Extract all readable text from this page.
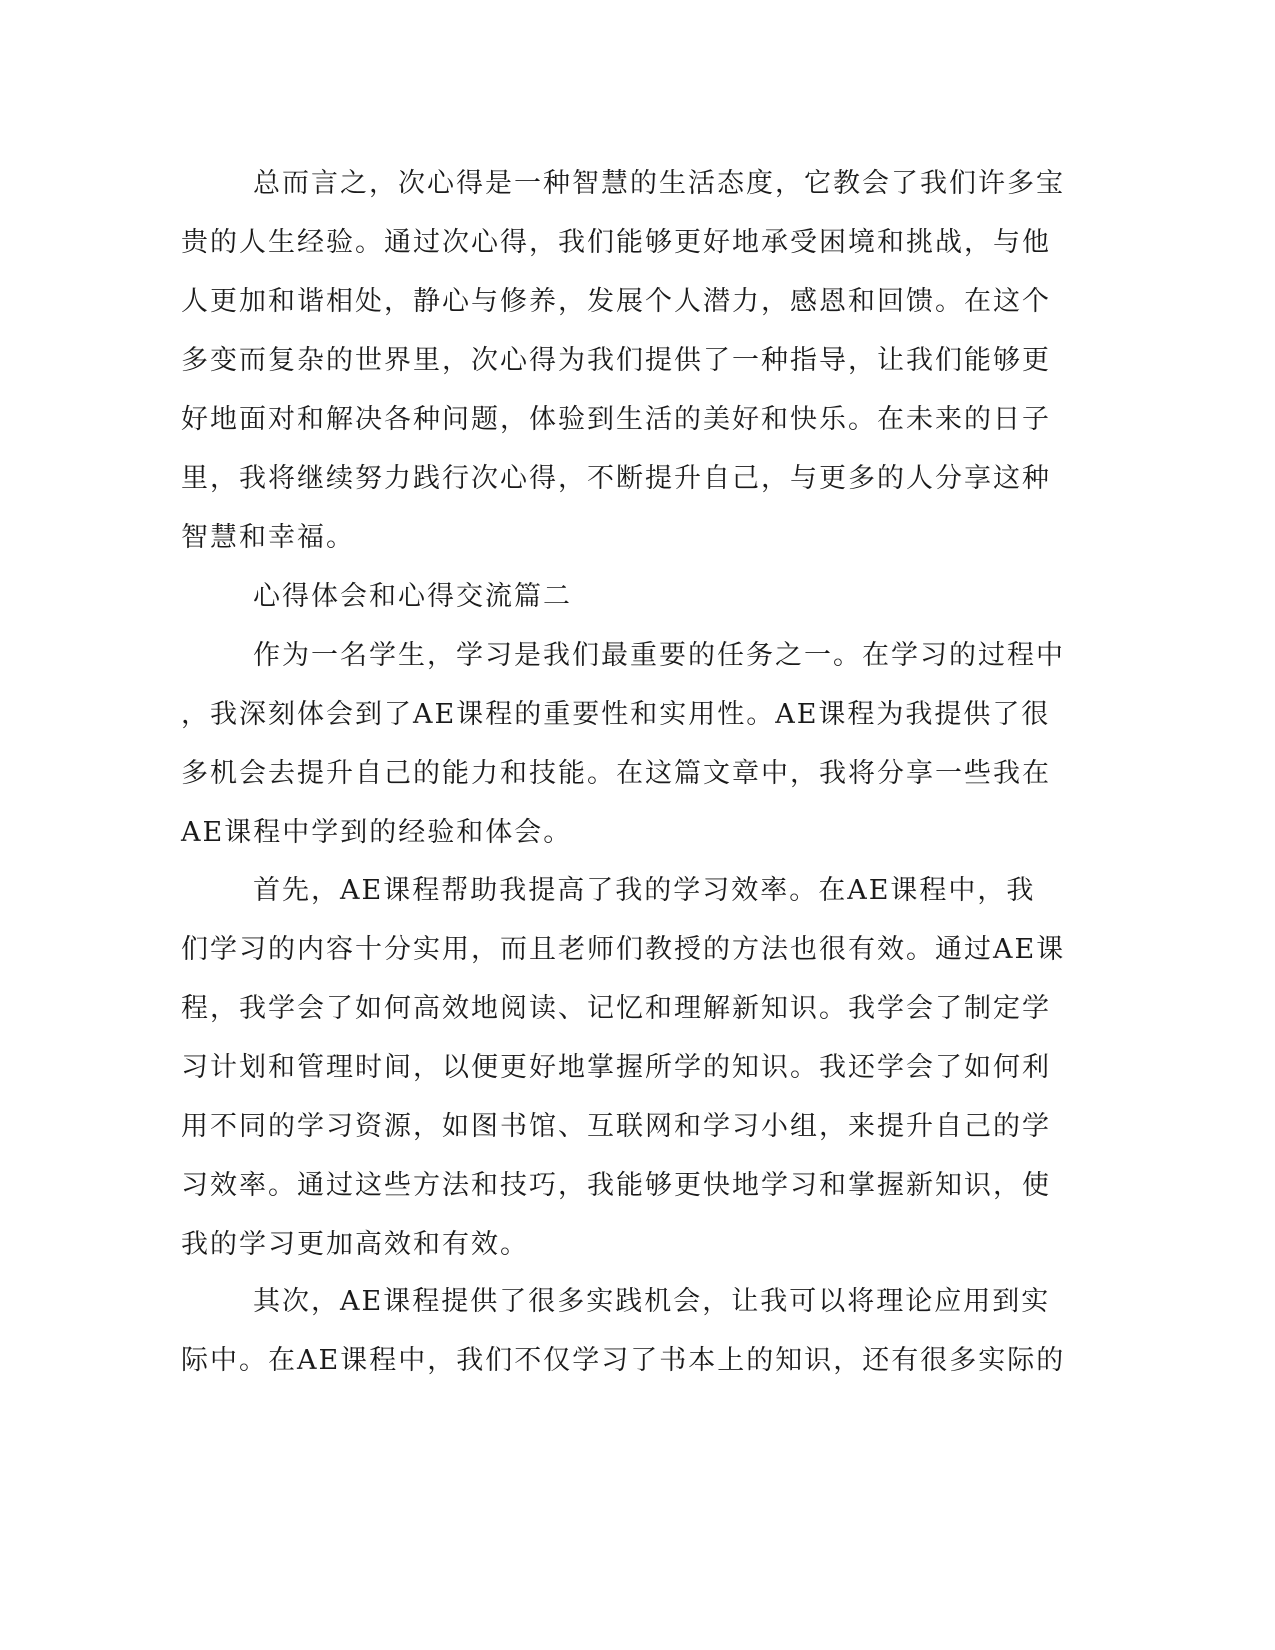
总而言之，次心得是一种智慧的生活态度，它教会了我们许多宝
贵的人生经验。通过次心得，我们能够更好地承受困境和挑战，与他
人更加和谐相处，静心与修养，发展个人潜力，感恩和回馈。在这个
多变而复杂的世界里，次心得为我们提供了一种指导，让我们能够更
好地面对和解决各种问题，体验到生活的美好和快乐。在未来的日子
里，我将继续努力践行次心得，不断提升自己，与更多的人分享这种
智慧和幸福。
心得体会和心得交流篇二
作为一名学生，学习是我们最重要的任务之一。在学习的过程中
，我深刻体会到了AE课程的重要性和实用性。AE课程为我提供了很
多机会去提升自己的能力和技能。在这篇文章中，我将分享一些我在
AE课程中学到的经验和体会。
首先，AE课程帮助我提高了我的学习效率。在AE课程中，我
们学习的内容十分实用，而且老师们教授的方法也很有效。通过AE课
程，我学会了如何高效地阅读、记忆和理解新知识。我学会了制定学
习计划和管理时间，以便更好地掌握所学的知识。我还学会了如何利
用不同的学习资源，如图书馆、互联网和学习小组，来提升自己的学
习效率。通过这些方法和技巧，我能够更快地学习和掌握新知识，使
我的学习更加高效和有效。
其次，AE课程提供了很多实践机会，让我可以将理论应用到实
际中。在AE课程中，我们不仅学习了书本上的知识，还有很多实际的
